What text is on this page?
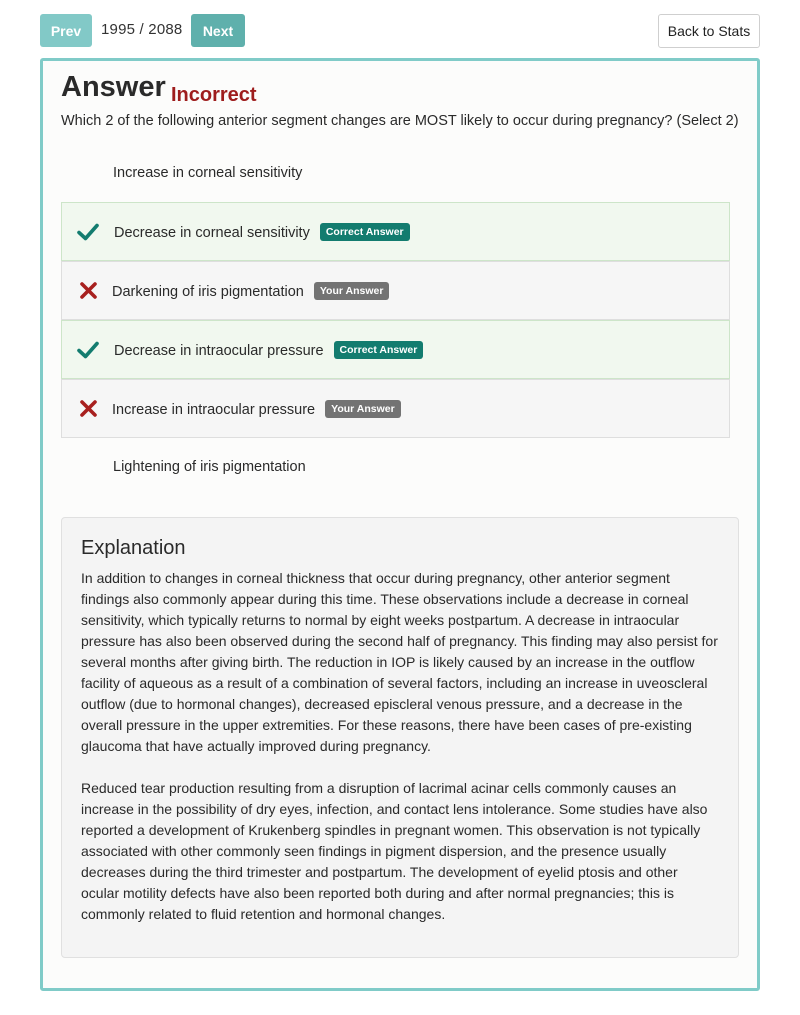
Prev	1995 / 2088	Next	Back to Stats
Answer Incorrect
Which 2 of the following anterior segment changes are MOST likely to occur during pregnancy? (Select 2)
Increase in corneal sensitivity
Decrease in corneal sensitivity Correct Answer
Darkening of iris pigmentation Your Answer
Decrease in intraocular pressure Correct Answer
Increase in intraocular pressure Your Answer
Lightening of iris pigmentation
Explanation

In addition to changes in corneal thickness that occur during pregnancy, other anterior segment findings also commonly appear during this time. These observations include a decrease in corneal sensitivity, which typically returns to normal by eight weeks postpartum. A decrease in intraocular pressure has also been observed during the second half of pregnancy. This finding may also persist for several months after giving birth. The reduction in IOP is likely caused by an increase in the outflow facility of aqueous as a result of a combination of several factors, including an increase in uveoscleral outflow (due to hormonal changes), decreased episcleral venous pressure, and a decrease in the overall pressure in the upper extremities. For these reasons, there have been cases of pre-existing glaucoma that have actually improved during pregnancy.

Reduced tear production resulting from a disruption of lacrimal acinar cells commonly causes an increase in the possibility of dry eyes, infection, and contact lens intolerance. Some studies have also reported a development of Krukenberg spindles in pregnant women. This observation is not typically associated with other commonly seen findings in pigment dispersion, and the presence usually decreases during the third trimester and postpartum. The development of eyelid ptosis and other ocular motility defects have also been reported both during and after normal pregnancies; this is commonly related to fluid retention and hormonal changes.
